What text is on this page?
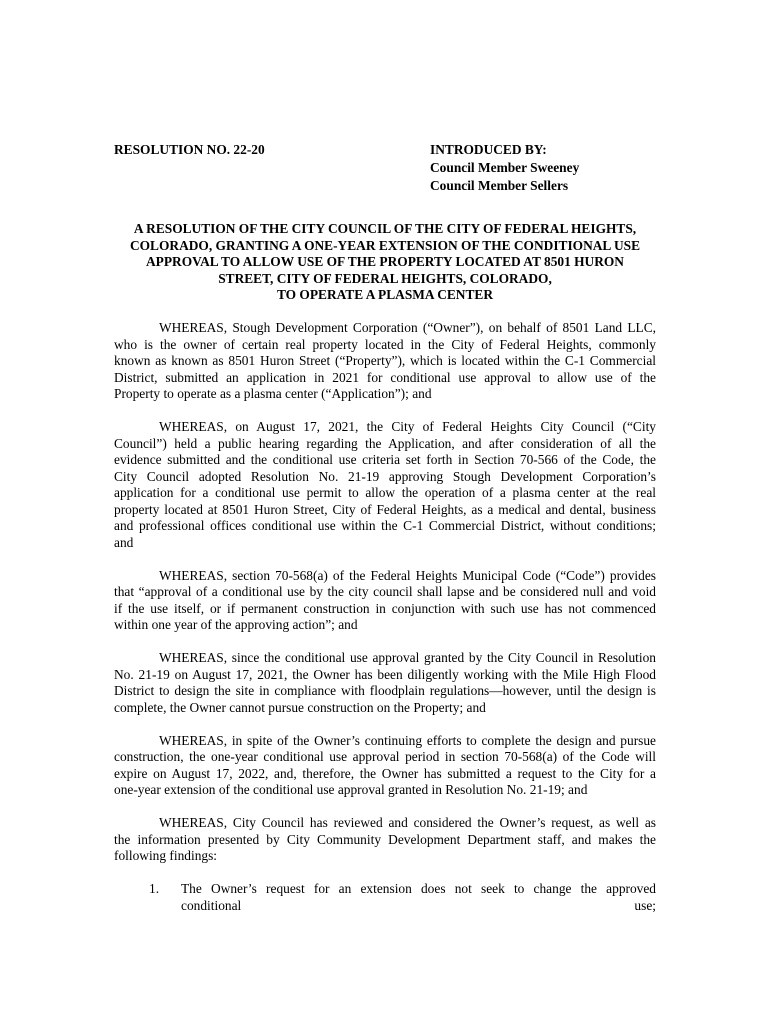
RESOLUTION NO. 22-20	INTRODUCED BY:
Council Member Sweeney
Council Member Sellers
A RESOLUTION OF THE CITY COUNCIL OF THE CITY OF FEDERAL HEIGHTS,
COLORADO, GRANTING A ONE-YEAR EXTENSION OF THE CONDITIONAL USE
APPROVAL TO ALLOW USE OF THE PROPERTY LOCATED AT 8501 HURON
STREET, CITY OF FEDERAL HEIGHTS, COLORADO,
TO OPERATE A PLASMA CENTER
WHEREAS, Stough Development Corporation (“Owner”), on behalf of 8501 Land LLC,
who is the owner of certain real property located in the City of Federal Heights, commonly
known as known as 8501 Huron Street (“Property”), which is located within the C-1 Commercial
District, submitted an application in 2021 for conditional use approval to allow use of the
Property to operate as a plasma center (“Application”); and
WHEREAS, on August 17, 2021, the City of Federal Heights City Council (“City
Council”) held a public hearing regarding the Application, and after consideration of all the
evidence submitted and the conditional use criteria set forth in Section 70-566 of the Code, the
City Council adopted Resolution No. 21-19 approving Stough Development Corporation’s
application for a conditional use permit to allow the operation of a plasma center at the real
property located at 8501 Huron Street, City of Federal Heights, as a medical and dental, business
and professional offices conditional use within the C-1 Commercial District, without conditions;
and
WHEREAS, section 70-568(a) of the Federal Heights Municipal Code (“Code”) provides
that “approval of a conditional use by the city council shall lapse and be considered null and void
if the use itself, or if permanent construction in conjunction with such use has not commenced
within one year of the approving action”; and
WHEREAS, since the conditional use approval granted by the City Council in Resolution
No. 21-19 on August 17, 2021, the Owner has been diligently working with the Mile High Flood
District to design the site in compliance with floodplain regulations—however, until the design is
complete, the Owner cannot pursue construction on the Property; and
WHEREAS, in spite of the Owner’s continuing efforts to complete the design and pursue
construction, the one-year conditional use approval period in section 70-568(a) of the Code will
expire on August 17, 2022, and, therefore, the Owner has submitted a request to the City for a
one-year extension of the conditional use approval granted in Resolution No. 21-19; and
WHEREAS, City Council has reviewed and considered the Owner’s request, as well as
the information presented by City Community Development Department staff, and makes the
following findings:
1. The Owner’s request for an extension does not seek to change the approved
conditional use;
